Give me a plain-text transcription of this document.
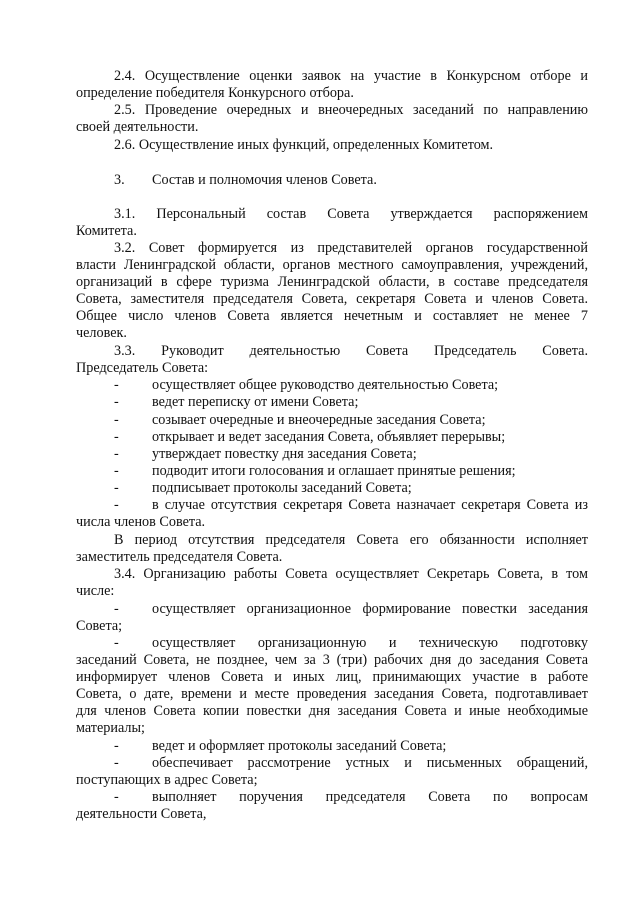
2.4. Осуществление оценки заявок на участие в Конкурсном отборе и
определение победителя Конкурсного отбора.
2.5. Проведение очередных и внеочередных заседаний по направлению
своей деятельности.
2.6. Осуществление иных функций, определенных Комитетом.
3. Состав и полномочия членов Совета.
3.1. Персональный состав Совета утверждается распоряжением
Комитета.
3.2. Совет формируется из представителей органов государственной
власти Ленинградской области, органов местного самоуправления, учреждений,
организаций в сфере туризма Ленинградской области, в составе председателя
Совета, заместителя председателя Совета, секретаря Совета и членов Совета.
Общее число членов Совета является нечетным и составляет не менее 7
человек.
3.3. Руководит деятельностью Совета Председатель Совета.
Председатель Совета:
- осуществляет общее руководство деятельностью Совета;
- ведет переписку от имени Совета;
- созывает очередные и внеочередные заседания Совета;
- открывает и ведет заседания Совета, объявляет перерывы;
- утверждает повестку дня заседания Совета;
- подводит итоги голосования и оглашает принятые решения;
- подписывает протоколы заседаний Совета;
- в случае отсутствия секретаря Совета назначает секретаря Совета из
числа членов Совета.
В период отсутствия председателя Совета его обязанности исполняет
заместитель председателя Совета.
3.4. Организацию работы Совета осуществляет Секретарь Совета, в том
числе:
- осуществляет организационное формирование повестки заседания
Совета;
- осуществляет организационную и техническую подготовку
заседаний Совета, не позднее, чем за 3 (три) рабочих дня до заседания Совета
информирует членов Совета и иных лиц, принимающих участие в работе
Совета, о дате, времени и месте проведения заседания Совета, подготавливает
для членов Совета копии повестки дня заседания Совета и иные необходимые
материалы;
- ведет и оформляет протоколы заседаний Совета;
- обеспечивает рассмотрение устных и письменных обращений,
поступающих в адрес Совета;
- выполняет поручения председателя Совета по вопросам
деятельности Совета,
